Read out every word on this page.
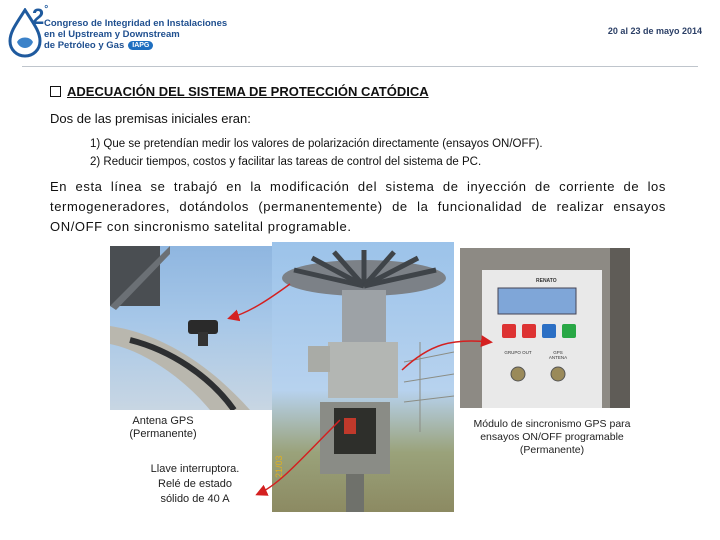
2°
Congreso de Integridad en Instalaciones
en el Upstream y Downstream
de Petróleo y Gas IAPG
20 al 23 de mayo 2014
ADECUACIÓN DEL SISTEMA DE PROTECCIÓN CATÓDICA
Dos de las premisas iniciales eran:
1) Que se pretendían medir los valores de polarización directamente (ensayos ON/OFF).
2) Reducir tiempos, costos y facilitar las tareas de control del sistema de PC.
En esta línea se trabajó en la modificación del sistema de inyección de corriente de los termogeneradores, dotándolos (permanentemente) de la funcionalidad de realizar ensayos ON/OFF con sincronismo satelital programable.
21/03
RENATO
GRUPO OUT	GPS ANTENA
Antena GPS
(Permanente)
Llave interruptora.
Relé de estado
sólido de 40 A
Módulo de sincronismo GPS para
ensayos ON/OFF programable
(Permanente)
